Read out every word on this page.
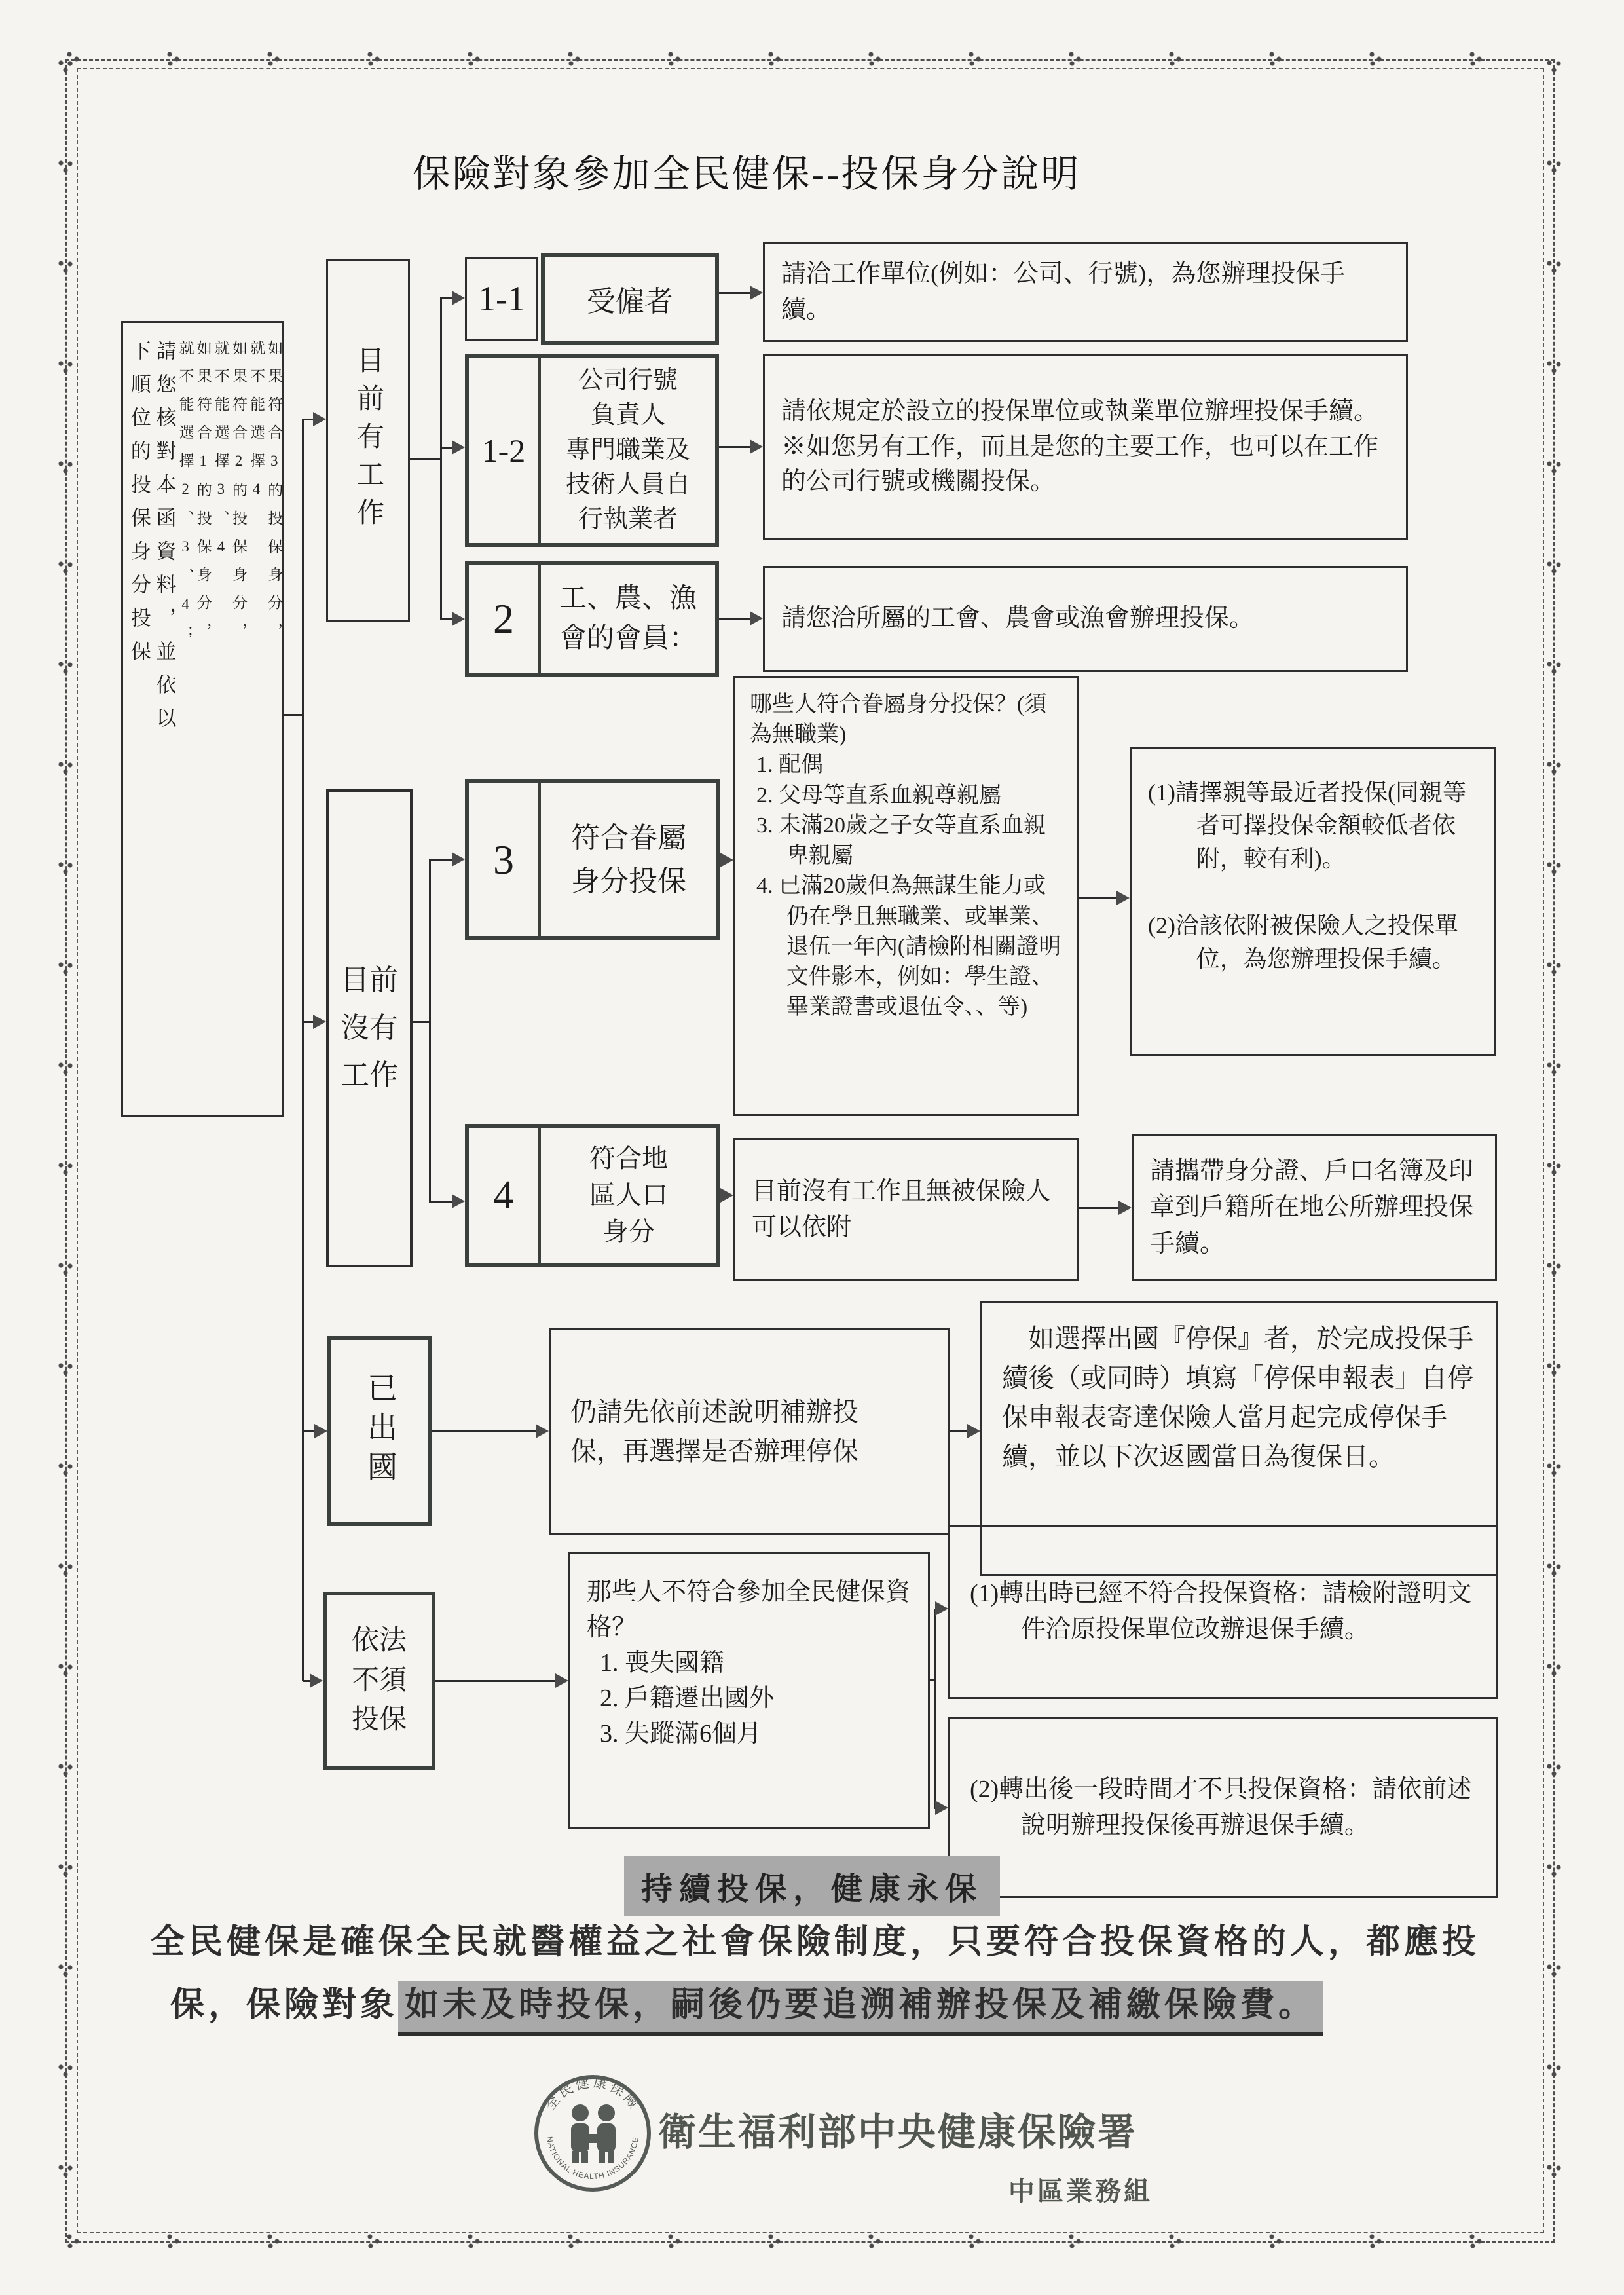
保險對象參加全民健保--投保身分說明
如果符合3的投保身分，就不能選擇4
如果符合2的投保身分，就不能選擇3、4
如果符合1的投保身分，就不能選擇2、3、4；
請您核對本函資料，並依以下順位的投保身分投保	目前有工作
1-1 受僱者

請洽工作單位(例如：公司、行號)，為您辦理投保手續。

1-2
公司行號
負責人
專門職業及
技術人員自
行執業者

請依規定於設立的投保單位或執業單位辦理投保手續。

※如您另有工作，而且是您的主要工作，也可以在工作的公司行號或機關投保。

2 工、農、漁
會的會員：

請您洽所屬的工會、農會或漁會辦理投保。

目前
沒有
工作
3 符合眷屬
身分投保

哪些人符合眷屬身分投保？(須為無職業)

1. 配偶

2. 父母等直系血親尊親屬

3. 未滿20歲之子女等直系血親卑親屬

4. 已滿20歲但為無謀生能力或仍在學且無職業、或畢業、退伍一年內(請檢附相關證明文件影本，例如：學生證、畢業證書或退伍令、、等)

(1)請擇親等最近者投保(同親等者可擇投保金額較低者依附，較有利)。

(2)洽該依附被保險人之投保單位，為您辦理投保手續。

4
符合地
區人口
身分

目前沒有工作且無被保險人可以依附

請攜帶身分證、戶口名簿及印章到戶籍所在地公所辦理投保手續。

已出國	仍請先依前述說明補辦投保，再選擇是否辦理停保

如選擇出國『停保』者，於完成投保手續後（或同時）填寫「停保申報表」自停保申報表寄達保險人當月起完成停保手續，並以下次返國當日為復保日。

依法
不須
投保

那些人不符合參加全民健保資格？

1. 喪失國籍

2. 戶籍遷出國外

3. 失蹤滿6個月

(1)轉出時已經不符合投保資格：請檢附證明文件洽原投保單位改辦退保手續。

(2)轉出後一段時間才不具投保資格：請依前述說明辦理投保後再辦退保手續。

持續投保，健康永保

全民健保是確保全民就醫權益之社會保險制度，只要符合投保資格的人，都應投

保，保險對象 如未及時投保，嗣後仍要追溯補辦投保及補繳保險費。

全民健康保險
NATIONAL HEALTH INSURANCE 衛生福利部中央健康保險署

中區業務組
